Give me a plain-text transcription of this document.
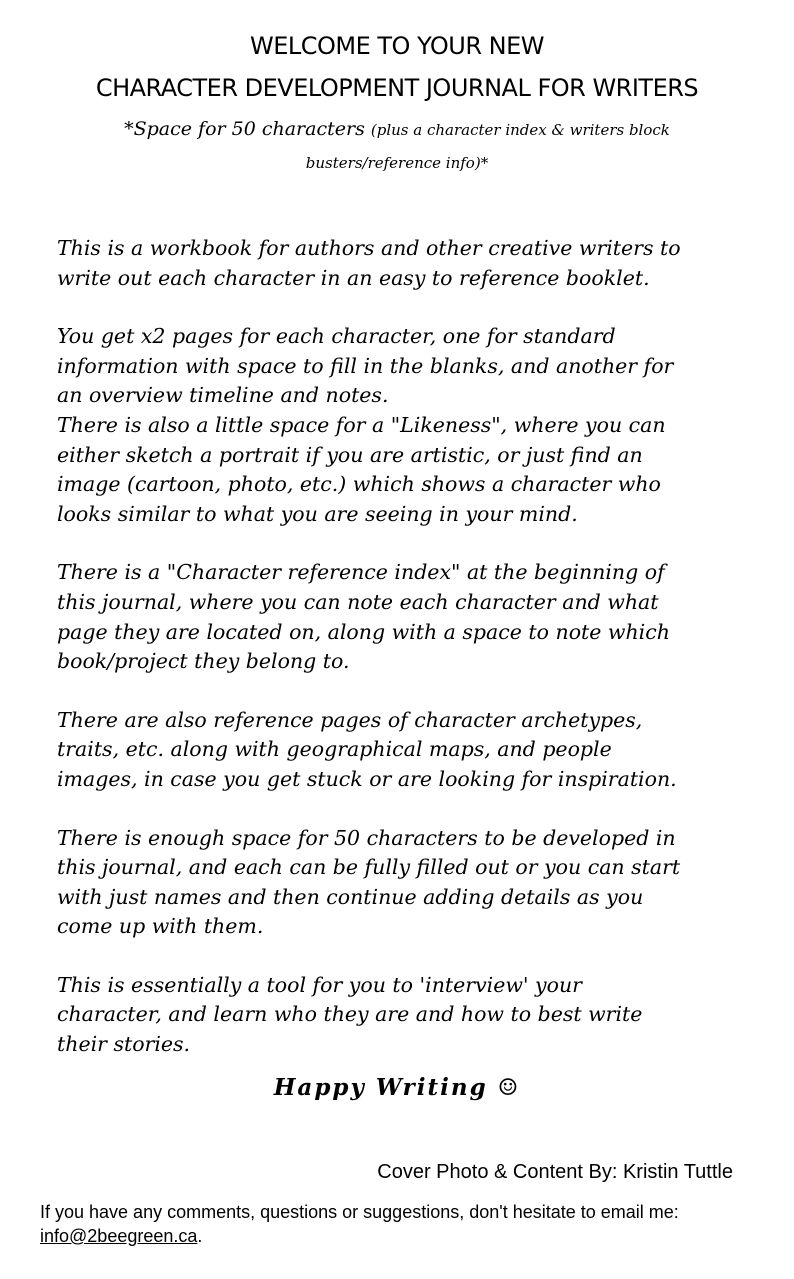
WELCOME TO YOUR NEW
CHARACTER DEVELOPMENT JOURNAL FOR WRITERS
*Space for 50 characters (plus a character index & writers block
busters/reference info)*

This is a workbook for authors and other creative writers to
write out each character in an easy to reference booklet.

You get x2 pages for each character, one for standard
information with space to fill in the blanks, and another for
an overview timeline and notes.

There is also a little space for a "Likeness", where you can
either sketch a portrait if you are artistic, or just find an
image (cartoon, photo, etc.) which shows a character who
looks similar to what you are seeing in your mind.

There is a "Character reference index" at the beginning of
this journal, where you can note each character and what
page they are located on, along with a space to note which
book/project they belong to.

There are also reference pages of character archetypes,
traits, etc. along with geographical maps, and people
images, in case you get stuck or are looking for inspiration.

There is enough space for 50 characters to be developed in
this journal, and each can be fully filled out or you can start
with just names and then continue adding details as you
come up with them.

This is essentially a tool for you to 'interview' your
character, and learn who they are and how to best write
their stories.

Happy Writing ☺
Cover Photo & Content By: Kristin Tuttle
If you have any comments, questions or suggestions, don't hesitate to email me:
info@2beegreen.ca.
